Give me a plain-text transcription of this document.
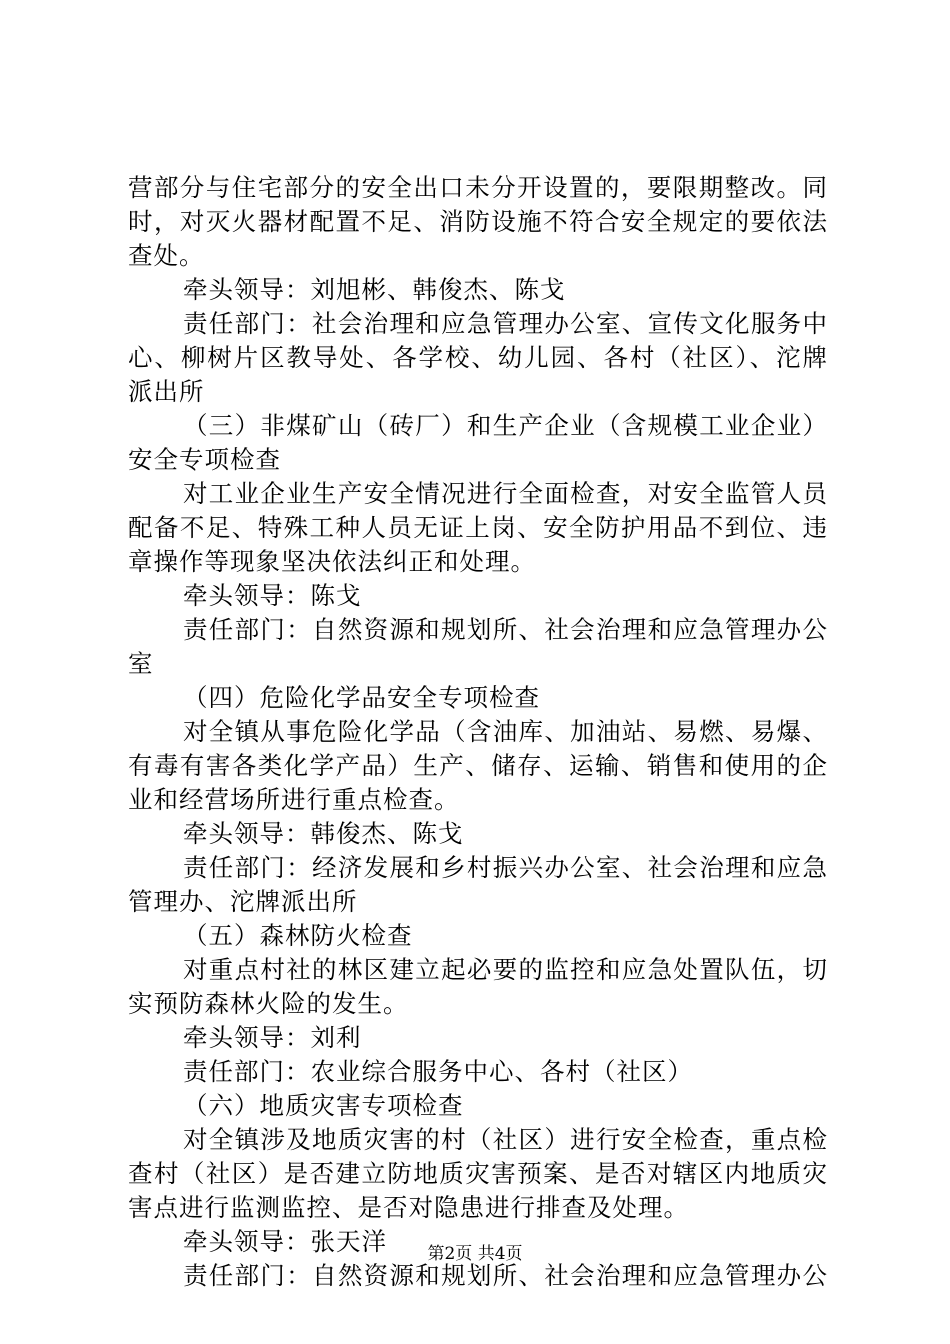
营部分与住宅部分的安全出口未分开设置的，要限期整改。同
时，对灭火器材配置不足、消防设施不符合安全规定的要依法
查处。
牵头领导：刘旭彬、韩俊杰、陈戈
责任部门：社会治理和应急管理办公室、宣传文化服务中
心、柳树片区教导处、各学校、幼儿园、各村（社区）、沱牌
派出所
（三）非煤矿山（砖厂）和生产企业（含规模工业企业）
安全专项检查
对工业企业生产安全情况进行全面检查，对安全监管人员
配备不足、特殊工种人员无证上岗、安全防护用品不到位、违
章操作等现象坚决依法纠正和处理。
牵头领导：陈戈
责任部门：自然资源和规划所、社会治理和应急管理办公
室
（四）危险化学品安全专项检查
对全镇从事危险化学品（含油库、加油站、易燃、易爆、
有毒有害各类化学产品）生产、储存、运输、销售和使用的企
业和经营场所进行重点检查。
牵头领导：韩俊杰、陈戈
责任部门：经济发展和乡村振兴办公室、社会治理和应急
管理办、沱牌派出所
（五）森林防火检查
对重点村社的林区建立起必要的监控和应急处置队伍，切
实预防森林火险的发生。
牵头领导：刘利
责任部门：农业综合服务中心、各村（社区）
（六）地质灾害专项检查
对全镇涉及地质灾害的村（社区）进行安全检查，重点检
查村（社区）是否建立防地质灾害预案、是否对辖区内地质灾
害点进行监测监控、是否对隐患进行排查及处理。
牵头领导：张天洋
责任部门：自然资源和规划所、社会治理和应急管理办公
第2页 共4页
